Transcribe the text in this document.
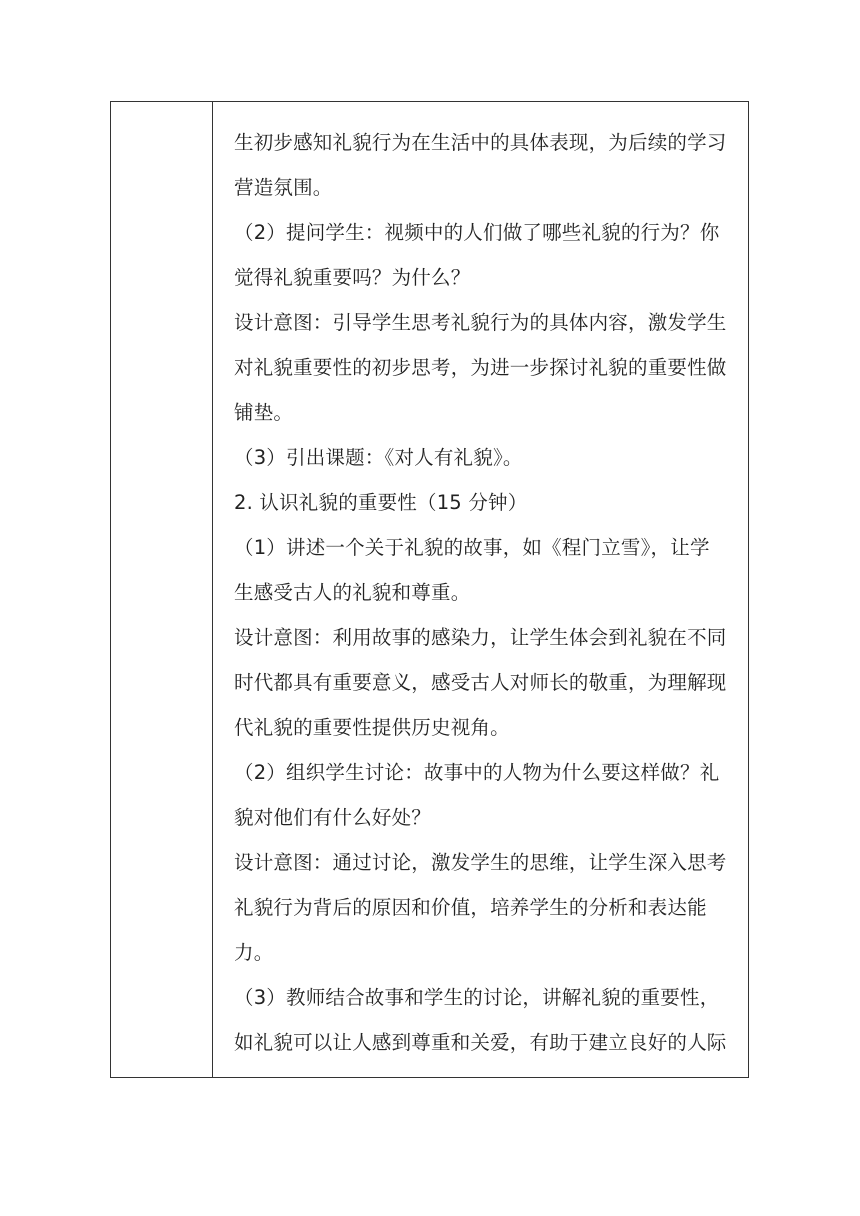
生初步感知礼貌行为在生活中的具体表现，为后续的学习
营造氛围。
（2）提问学生：视频中的人们做了哪些礼貌的行为？你
觉得礼貌重要吗？为什么？
设计意图：引导学生思考礼貌行为的具体内容，激发学生
对礼貌重要性的初步思考，为进一步探讨礼貌的重要性做
铺垫。
（3）引出课题：《对人有礼貌》。
2. 认识礼貌的重要性（15 分钟）
（1）讲述一个关于礼貌的故事，如《程门立雪》，让学
生感受古人的礼貌和尊重。
设计意图：利用故事的感染力，让学生体会到礼貌在不同
时代都具有重要意义，感受古人对师长的敬重，为理解现
代礼貌的重要性提供历史视角。
（2）组织学生讨论：故事中的人物为什么要这样做？礼
貌对他们有什么好处？
设计意图：通过讨论，激发学生的思维，让学生深入思考
礼貌行为背后的原因和价值，培养学生的分析和表达能
力。
（3）教师结合故事和学生的讨论，讲解礼貌的重要性，
如礼貌可以让人感到尊重和关爱，有助于建立良好的人际
